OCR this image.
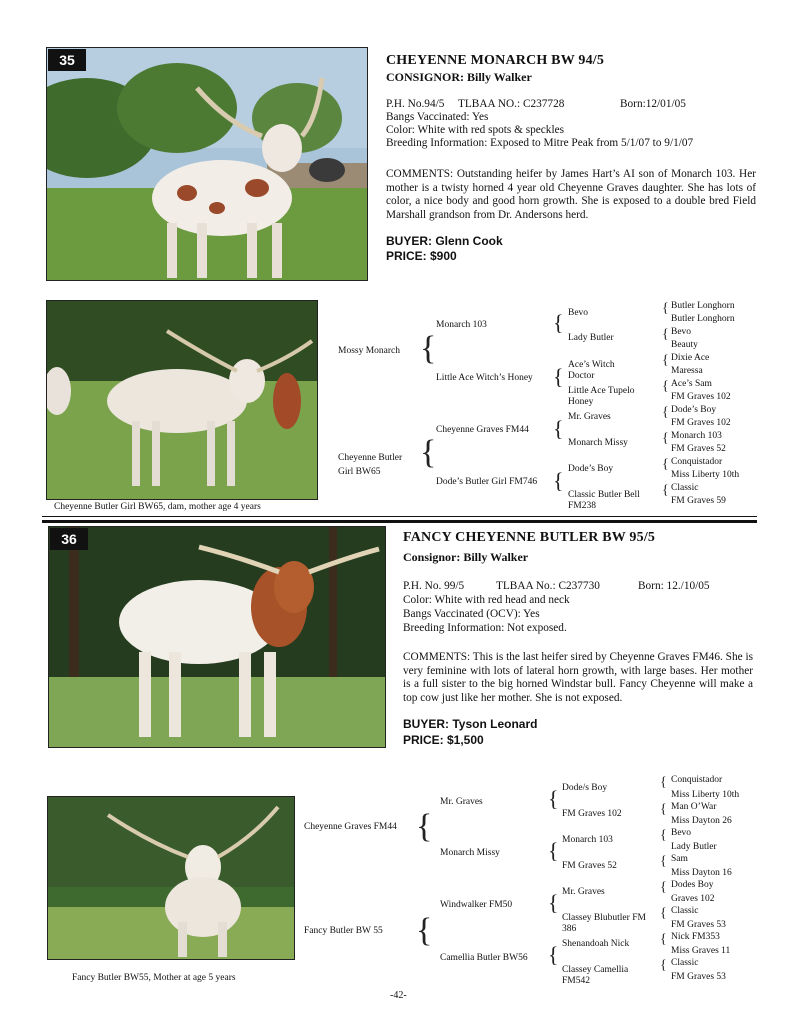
35	CHEYENNE MONARCH BW 94/5
CONSIGNOR: Billy Walker
P.H. No.94/5 TLBAA NO.: C237728	Born:12/01/05
Bangs Vaccinated: Yes
Color: White with red spots & speckles
Breeding Information: Exposed to Mitre Peak from 5/1/07 to 9/1/07
COMMENTS: Outstanding heifer by James Hart’s AI son of Monarch 103. Her mother is a twisty horned 4 year old Cheyenne Graves daughter. She has lots of color, a nice body and good horn growth. She is exposed to a double bred Field Marshall grandson from Dr. Andersons herd.
BUYER: Glenn Cook
PRICE: $900
Cheyenne Butler Girl BW65, dam, mother age 4 years
Mossy Monarch {
Monarch 103
Little Ace Witch’s Honey
{ Bevo
Lady Butler
{ Ace’s Witch Doctor
Little Ace Tupelo Honey
Cheyenne Butler Girl BW65
{
Cheyenne Graves FM44
Dode’s Butler Girl FM746
{ Mr. Graves
Monarch Missy
{ Dode’s Boy
Classic Butler Bell FM238
{ Butler Longhorn
Butler Longhorn
{ Bevo
Beauty
{ Dixie Ace
Maressa
{ Ace’s Sam
FM Graves 102
{ Dode’s Boy
FM Graves 102
{ Monarch 103
FM Graves 52
{ Conquistador
Miss Liberty 10th
{ Classic
FM Graves 59
36	FANCY CHEYENNE BUTLER BW 95/5
Consignor: Billy Walker
P.H. No. 99/5	TLBAA No.: C237730	Born: 12./10/05
Color: White with red head and neck
Bangs Vaccinated (OCV): Yes
Breeding Information: Not exposed.
COMMENTS: This is the last heifer sired by Cheyenne Graves FM46. She is very feminine with lots of lateral horn growth, with large bases. Her mother is a full sister to the big horned Windstar bull. Fancy Cheyenne will make a top cow just like her mother. She is not exposed.
BUYER: Tyson Leonard
PRICE: $1,500
Fancy Butler BW55, Mother at age 5 years
Cheyenne Graves FM44 {
Mr. Graves
Monarch Missy
{ Dode/s Boy
FM Graves 102
{ Monarch 103
FM Graves 52
Fancy Butler BW 55 {
Windwalker FM50
Camellia Butler BW56
{ Mr. Graves
Classey Blubutler FM 386
{ Shenandoah Nick
Classey Camellia FM542
{ Conquistador
Miss Liberty 10th
{ Man O’War
Miss Dayton 26
{ Bevo
Lady Butler
{ Sam
Miss Dayton 16
{ Dodes Boy
Graves 102
{ Classic
FM Graves 53
{ Nick FM353
Miss Graves 11
{ Classic
FM Graves 53
-42-
